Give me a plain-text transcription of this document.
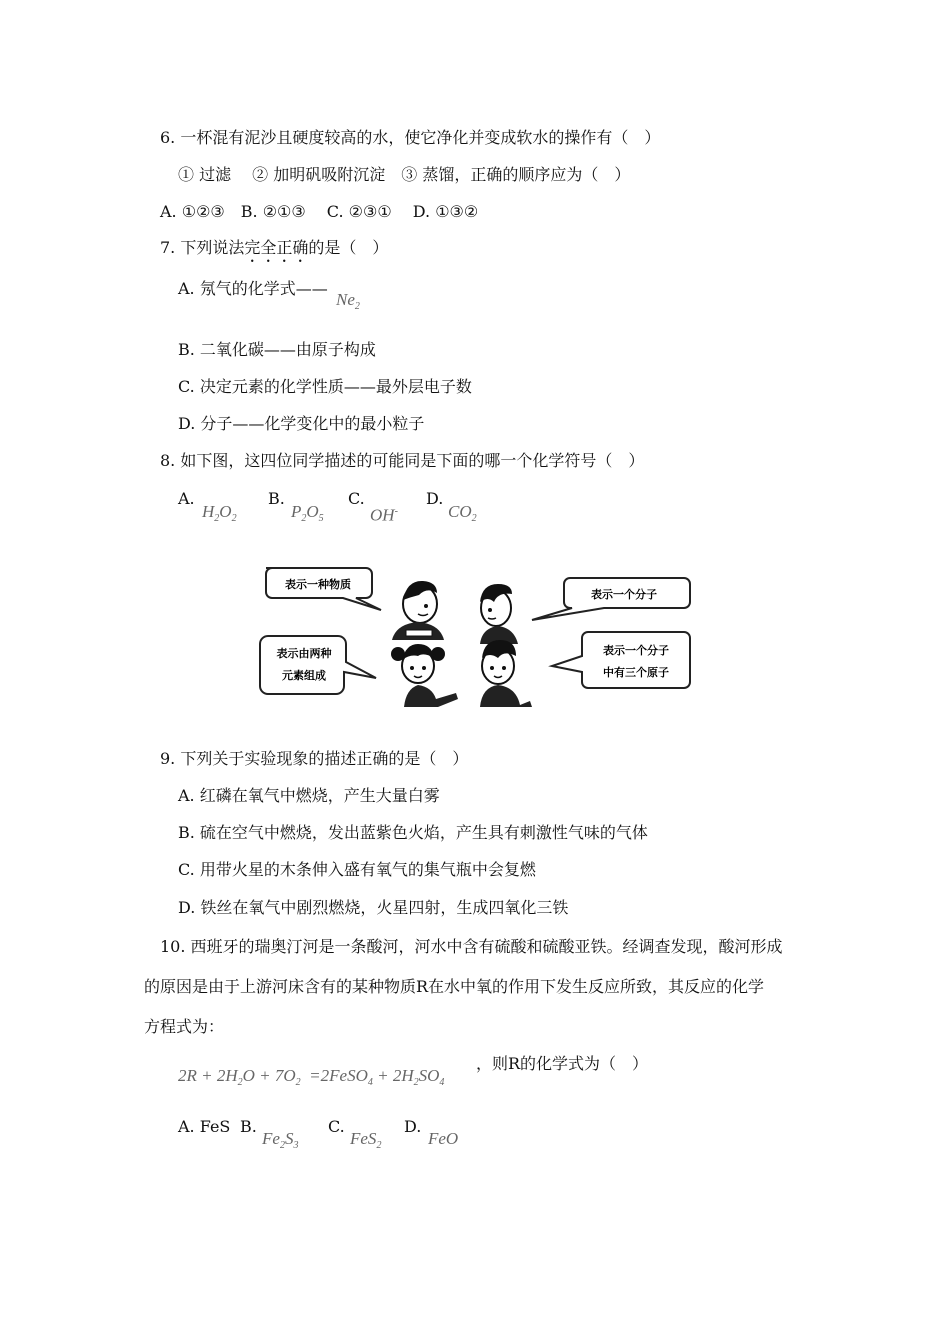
6. 一杯混有泥沙且硬度较高的水，使它净化并变成软水的操作有（　）
① 过滤　 ② 加明矾吸附沉淀　③ 蒸馏，正确的顺序应为（　）
A. ①②③　B. ②①③　 C. ②③①　 D. ①③②
7. 下列说法完全正确的是（　）
A. 氖气的化学式——
$Ne_2$
B. 二氧化碳——由原子构成
C. 决定元素的化学性质——最外层电子数
D. 分子——化学变化中的最小粒子
8. 如下图，这四位同学描述的可能同是下面的哪一个化学符号（　）
A.
$H_2O_2$
B.
$P_2O_5$
C.
OH-
D.
$CO_2$
表示一种物质
表示一个分子
表示由两种
元素组成
表示一个分子
中有三个原子
9. 下列关于实验现象的描述正确的是（　）
A. 红磷在氧气中燃烧，产生大量白雾
B. 硫在空气中燃烧，发出蓝紫色火焰，产生具有刺激性气味的气体
C. 用带火星的木条伸入盛有氧气的集气瓶中会复燃
D. 铁丝在氧气中剧烈燃烧，火星四射，生成四氧化三铁
10. 西班牙的瑞奥汀河是一条酸河，河水中含有硫酸和硫酸亚铁。经调查发现，酸河形成
的原因是由于上游河床含有的某种物质R在水中氧的作用下发生反应所致，其反应的化学
方程式为：
$2R + 2H_2O + 7O_2$  =2FeSO$_4$ + $2H_2SO_4$
，则R的化学式为（　）
A. FeS B.
$Fe_2S_3$
C.
FeS$_2$
D.
FeO
